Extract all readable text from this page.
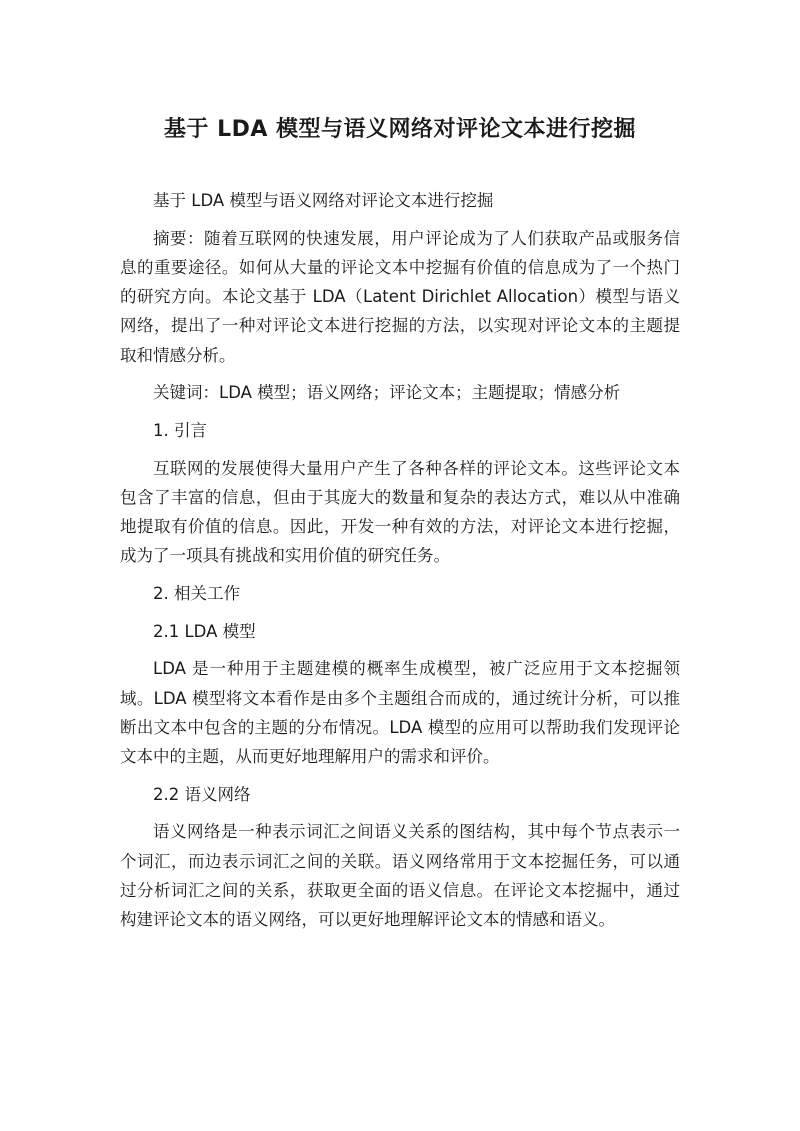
基于 LDA 模型与语义网络对评论文本进行挖掘

基于 LDA 模型与语义网络对评论文本进行挖掘

摘要：随着互联网的快速发展，用户评论成为了人们获取产品或服务信息的重要途径。如何从大量的评论文本中挖掘有价值的信息成为了一个热门的研究方向。本论文基于 LDA（Latent Dirichlet Allocation）模型与语义网络，提出了一种对评论文本进行挖掘的方法，以实现对评论文本的主题提取和情感分析。

关键词：LDA 模型；语义网络；评论文本；主题提取；情感分析

1. 引言

互联网的发展使得大量用户产生了各种各样的评论文本。这些评论文本包含了丰富的信息，但由于其庞大的数量和复杂的表达方式，难以从中准确地提取有价值的信息。因此，开发一种有效的方法，对评论文本进行挖掘，成为了一项具有挑战和实用价值的研究任务。

2. 相关工作

2.1 LDA 模型

LDA 是一种用于主题建模的概率生成模型，被广泛应用于文本挖掘领域。LDA 模型将文本看作是由多个主题组合而成的，通过统计分析，可以推断出文本中包含的主题的分布情况。LDA 模型的应用可以帮助我们发现评论文本中的主题，从而更好地理解用户的需求和评价。

2.2 语义网络

语义网络是一种表示词汇之间语义关系的图结构，其中每个节点表示一个词汇，而边表示词汇之间的关联。语义网络常用于文本挖掘任务，可以通过分析词汇之间的关系，获取更全面的语义信息。在评论文本挖掘中，通过构建评论文本的语义网络，可以更好地理解评论文本的情感和语义。
